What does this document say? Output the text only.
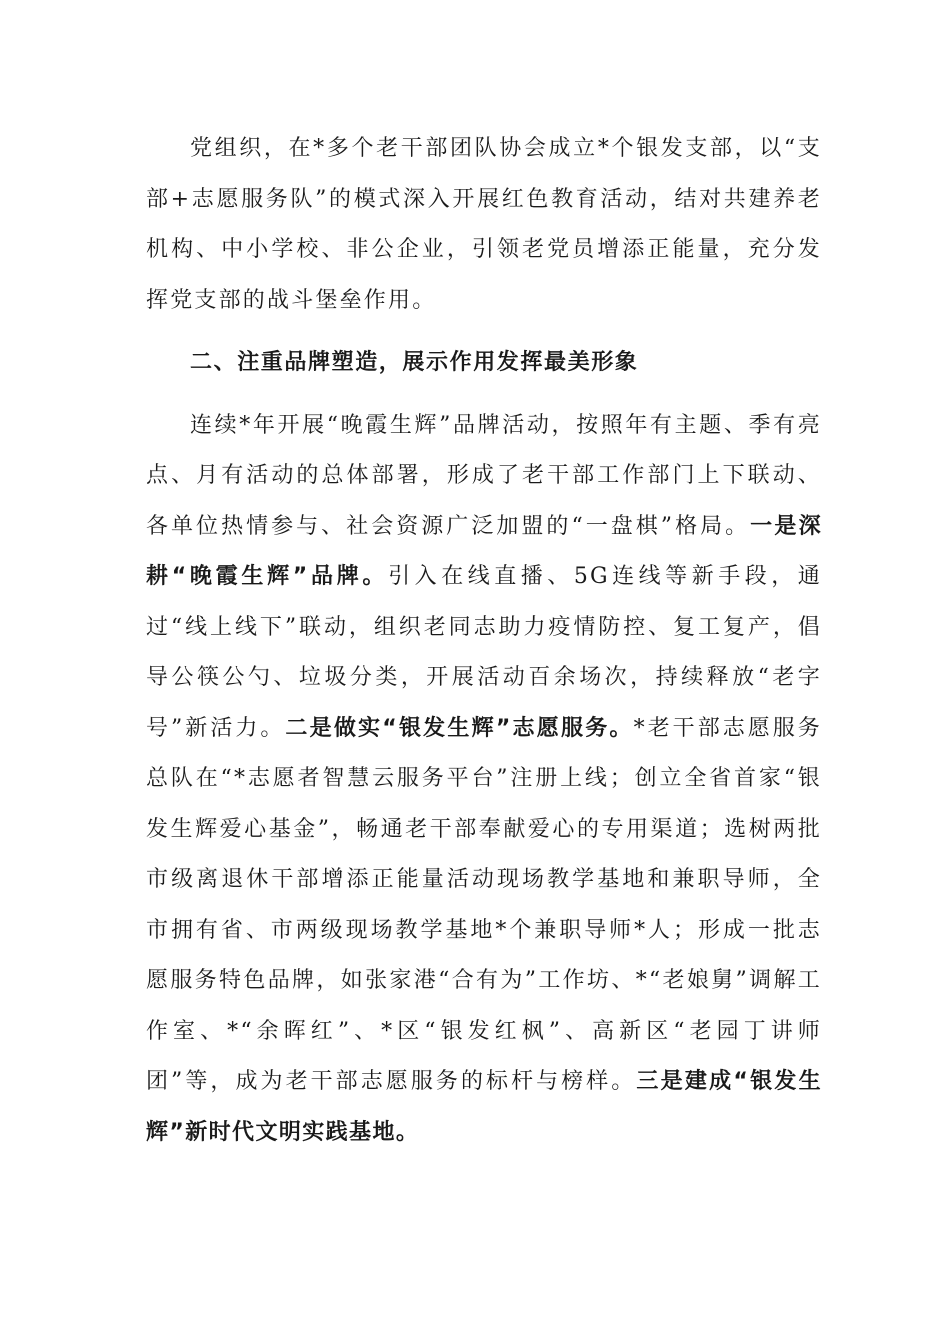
党组织，在*多个老干部团队协会成立*个银发支部，以“支部+志愿服务队”的模式深入开展红色教育活动，结对共建养老机构、中小学校、非公企业，引领老党员增添正能量，充分发挥党支部的战斗堡垒作用。

二、注重品牌塑造，展示作用发挥最美形象

连续*年开展“晚霞生辉”品牌活动，按照年有主题、季有亮点、月有活动的总体部署，形成了老干部工作部门上下联动、各单位热情参与、社会资源广泛加盟的“一盘棋”格局。一是深耕“晚霞生辉”品牌。引入在线直播、5G连线等新手段，通过“线上线下”联动，组织老同志助力疫情防控、复工复产，倡导公筷公勺、垃圾分类，开展活动百余场次，持续释放“老字号”新活力。二是做实“银发生辉”志愿服务。*老干部志愿服务总队在“*志愿者智慧云服务平台”注册上线；创立全省首家“银发生辉爱心基金”，畅通老干部奉献爱心的专用渠道；选树两批市级离退休干部增添正能量活动现场教学基地和兼职导师，全市拥有省、市两级现场教学基地*个兼职导师*人；形成一批志愿服务特色品牌，如张家港“合有为”工作坊、*“老娘舅”调解工作室、*“余晖红”、*区“银发红枫”、高新区“老园丁讲师团”等，成为老干部志愿服务的标杆与榜样。三是建成“银发生辉”新时代文明实践基地。
